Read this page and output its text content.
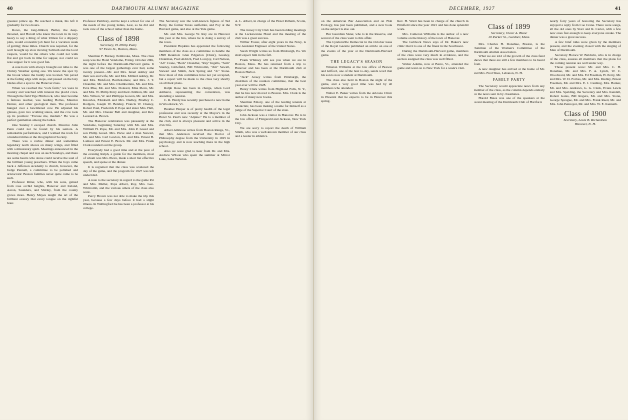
40	DARTMOUTH ALUMNI MAGAZINE

greatest prince up. He reached a mask, his left it gradually for two hours.

Rowe, the long-limbed, Bullet, the deep-throated, and Harold who knew the town in its very heavy to say a thing of what Ulmon for a slippery plan, would economic job hunt for a vacation week of getting; three miles. Church was required, for the well brought up slow moving Sabbath and the local vespers, would be the others who could not walk flat and got back in time for supper, nor could we note supper for it was good fun.

A rear-born with always brought our talks to the Christy Weather spring one. We knew the spot by the brook where the buddy was located. We paved at the fading edge with steps, and passed on the lazy blades after a spot to the Hanover rises.

When we reached the "rock farm," we were in country and watched with interest the placid cows. Through the field Tige Hitchcock, who later became a famous teacher, was leading Bolles, Maurice Dexter, and other geological men. The professor hunged over a bewildered cow. He adjusted his glasses, gave two scathing stares, and the cow took up its position: "Excuse me, madam." He was a perfect gentleman among the ladies.

One Sunday I escaped church. Maurice John Penn could not be found by his seniors. A remarkable performance, and I walked the track for a hundred miles at the Orographical Society.

There was a ravine dinner and sometimes legendary north shores on many wings, and filled with a missionary spirit. Meetings announced in the morning chapel and was on such Sundays, and there are some hearts who alone could receive the soul of the brilliant young preachers. When the boys came back a Jefferson Academy to church, however, the Judge Pennell, a committee to be polished and aristocratic Boston families never quite came to be such.

Professor Ritter, who, with his sons, gained from rose orchid heights, Hanover and Ireland, Aaron, Saunders, and Shirley, from the county grows more. Henry Mayes taught the art of the brilliant oratory that every tongue on the rightful hour.

Professor Pembrey, and he kept a school for one of the needs of the young ladies, Lear, so he did and took care of the school rather than the home.

Class of 1898
Secretary, H. Philip Patey
97 Essex St., Boston, Mass.

Sherman F. Burney, Pembroke, Mass. The class soup was the Hotel Vendome, Friday, October 29th, the night before the Dartmouth-Harvard game. It was one of the largest gatherings ever had, some twenty present—Mr. and Mrs. Israel Ashley and their son and wife, Mr. and Mrs. Millard Ashley, Dr. and Mrs. Bickford, Bartholomew, and Mrs. J. T. Chandler, Mr. and Mrs. Chamberlain, Mr. and Mrs. Ezra Pike, Mr. and Mrs. Doleard, Miss Pieve, Mr. and Mrs. W. Philip Perry and their children, Mr. and Mrs. Wilson, W. and Phillippa Gowen, Mr. and Mrs. Knowles, Elizabeth and Mrs. Dudley, Bradley C. Rodgers, Joseph W. Bentley, Francis W. Cheney, Robert Paul, Frederick P. Pope and sister Mrs. Hall, Mr. and Mrs. Chester Bell and daughter, and Rev. Leonard A. Brown.

The Hanover celebration was pleasantly at the Vendome, beginning Saturday with Mr. and Mrs. William H. Pope, Mr. and Mrs. John P. Greed and son Philip Greed. Mrs. Pieve and a man Stewart, Mr. and Mrs. Carl Lawton, Mr. and Mrs. Ernest B. Lamson and Ernest E. Brown. Mr. and Mrs. Frank Clark rounded out the group.

Everybody had a good time and at the pace of the evening Ralph, a guide for the members, most of whom was Mrs. Pieve, made a short but effective speech, and spoke at the dinner.

It is regretted that the class was scattered the day of the game, and the program for 1927 was left undecided.

A note to the secretary in regard to the game Pat and Mrs. Muller, Pops Albert, Roy, Mrs. Geo. Whitcomb, and the various others of the class also went.

Percy Brown was not able to make the trip this year, because a few days before it had a slight illness. In Wallingford he has been a professor at his college.

The Secretary saw the well-known figures of Ted Berry, the former Texas outfielder, and Foy at the Harvard game, and also at the Yale game.

Mr. and Mrs. George W. Ray are in Hanover this year at the Inn, where he is doing a survey of the town.

President Hopkins has appointed the following members of the class as a committee to handle the 1898 Reunion: Glen Edgerton (Chair), Greeley, Chairman, Fred Aldrich, Fred Lovejoy, Carl Nelson, "Ab" Crane, "Beck" Chandler, "Ray" Ingalls, "Sam" Stanley, Littlefield, Bill Whitcomb, "Jim" Sewall, Stewart and Smith, Jack Spring and "Jo" Stone. Now most of this committee have not yet accepted, but a report will be made to the class very shortly on all their plans.

Ralph Rose has been in charge, when Lord Amherst, representing the convention, was attending a reunion.

C. R. Hardy has recently purchased a new home in Woodstock, Vt.

Heather Harper is of pretty health of the legal profession and was recently at the Mayor's in the Hotel St. Paul's new "Alpine." He is a member of the club, and is always pleasant and active in the civic life.

Albert Ambrose writes from Boston Range, Vt., that Mrs. Anderson received the Doctor of Philosophy degree from the University in 1925 in psychology, and is now teaching there in the high school.

Also we were glad to hear from Dr. and Mrs. Andrew Wilson who spent the summer at Mirror Lake, Lake Tarleton.

A. L. Albert, in charge of the Hotel Pelham, Scotia, N.Y.

The Jersey City Club has been holding meetings at the Lackawanna Hotel and the meeting of the club was a great success.

Wilbur Foster, after eight years in the Navy, is now Assistant Engineer of the United States.

Sarah Wright writes us from Pittsburgh, Pa. We shall expect him in the fall.

Frank Whitney will see you when we are in Boston, Mass. He has returned from a trip to Hanover and has been at the Dartmouth club at Boston Harbor.

"Jack" Jersey writes from Pittsburgh, the chairman of the reunion committee, that the best year ever will be 1928.

Henry Clark writes from Highland Falls, N. Y., that he has now moved to Boston. Mrs. Clark is the author of many new books.

Sherman Emory, one of the leading tenants at Montclair, has been making a name for himself as a judge of the Superior Court of the state.

John Jackson was a visitor in Hanover. He is in the law office of Fitzgerald and Jackson, New York City.

We are sorry to report the death of William Smith, who was a well-known member of our class and a leader in athletics.

DECEMBER, 1927	41

on the American Bar Association and on Fish Ecology, has just been published, and a new book on the subject is also out.

Her Guardian Sister, who is in the Reserve, and several of the class went to this affair.

The Lyndonville Democrat in the October issue of the Royal Gazette published an article on one of the events of the year at the Dartmouth-Harvard game.

THE LEGACY'S SEASON

Winston Williams at the law office of Brewer and Gifford, one of the best to-day, sends word that his son is now a student at Dartmouth.

The class also held in Boston the night of the game, and a very good time was had by all members who attended.

Walter E. Baker writes from the Arizona Clinic in Phoenix that he expects to be in Hanover this spring.

Rev. H. Ward has been in charge of the church in Pittsfield since the year 1921 and has done splendid work.

Mrs. Cameron Williams is the author of a new volume on the history of the town of Hanover.

The Lubbock News says of Dr. Baker's new clinic that it is one of the finest in the Southwest.

During the Dartmouth-Harvard game, members of the class were very much in evidence, and the section assigned the class was well filled.

Walter Adams, now at Barre, Vt., attended the game and went on to New York for a week's visit.

Class of 1899
Secretary, Oscar A. Blanc
10 Parker St., Gardner, Mass.

Mrs. Charles H. Donahue, Boston, is the chairman of the Women's Committee of the Dartmouth Alumni Association.

What we are told of the growth of the class fund shows that there are still a few members to be heard from.

A new daughter has arrived at the home of Mr. and Mrs. Fred Shea, Lebanon, N. H.

FAMILY PARTY

The Secretary would appreciate news from any member of the class, as the column depends entirely on the news sent in by classmates.

Harold Bates was one of the speakers at the recent meeting of the Dartmouth Club of Hartford.

nearly forty years of honoring the Secretary has enjoyed a reply from Coe Crane. There were songs, all the old ones by Starr and R. Carter, with a few new ones fast enough to keep everyone awake. The dinner was a great success.

A few brief talks were given by the members present, and the evening closed with the singing of Men of Dartmouth.

Secretary Horace W. Baldwin, who is in charge of the class, assures all members that the plans for the coming reunion are well under way.

Those present were: Mr. and Mrs. C. H. Donahue, Mr. and Mrs. F. A. Lynch, W. C. Woodward, Mr. and Mrs. Ed Freeman, H. Perry, Mr. and Mrs. W. D. Forbes, Mr. and Mrs. Dudley, Ernest Freeman, Mr. and Mrs. E. J. Cushing, Mrs. Barker, Mr. and Mrs. Andrews, G. G. Clark, Evans Lewis and Mrs. Spalding, the Secretary and Mrs. Kendall, Robert Gates, Bill Rogers, Mr. and Mrs. Stone, George Sprague, Mr. and Mrs. Frank Reed, Mr. and Mrs. John Pennoyer, Mr. and Mrs. W. E. Kenneth.

Class of 1900
Secretary, Louis B. Richardson
Hanover, N. H.
